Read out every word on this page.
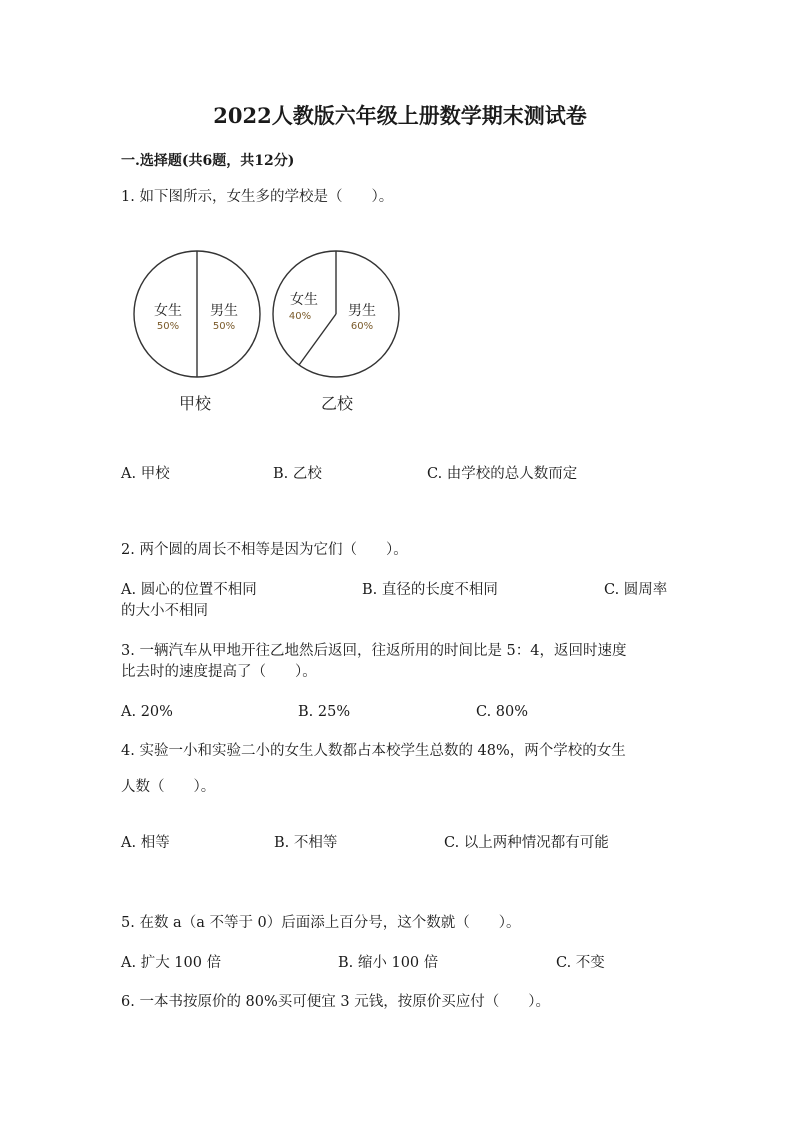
2022人教版六年级上册数学期末测试卷
一.选择题(共6题，共12分)
1. 如下图所示，女生多的学校是（　　）。
女生
50%
男生
50%
甲校
女生
40%	男生
60%
乙校
A. 甲校	B. 乙校	C. 由学校的总人数而定
2. 两个圆的周长不相等是因为它们（　　）。
A. 圆心的位置不相同	B. 直径的长度不相同	C. 圆周率
的大小不相同
3. 一辆汽车从甲地开往乙地然后返回，往返所用的时间比是 5：4，返回时速度
比去时的速度提高了（　　）。
A. 20%	B. 25%	C. 80%
4. 实验一小和实验二小的女生人数都占本校学生总数的 48%，两个学校的女生
人数（　　）。
A. 相等	B. 不相等	C. 以上两种情况都有可能
5. 在数 a（a 不等于 0）后面添上百分号，这个数就（　　）。
A. 扩大 100 倍	B. 缩小 100 倍	C. 不变
6. 一本书按原价的 80%买可便宜 3 元钱，按原价买应付（　　）。
